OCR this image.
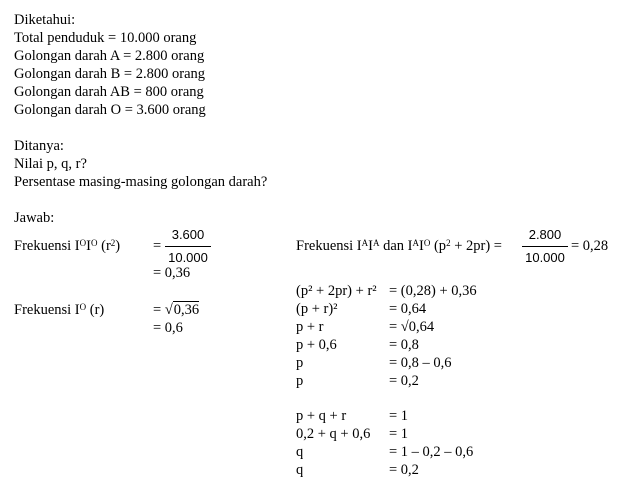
Diketahui:
Total penduduk = 10.000 orang
Golongan darah A = 2.800 orang
Golongan darah B = 2.800 orang
Golongan darah AB = 800 orang
Golongan darah O = 3.600 orang
Ditanya:
Nilai p, q, r?
Persentase masing-masing golongan darah?
Jawab:
Frekuensi $I^OI^O$ $(r^2)$ =
3.600
10.000
= 0,36
Frekuensi $I^O$ (r)	= √0,36
= 0,6
Frekuensi $I^AI^A$ dan $I^AI^O$ $(p^2 + 2pr)$ =
2.800
10.000
= 0,28
(p² + 2pr) + r² = (0,28) + 0,36
(p + r)²	= 0,64
p + r	= √0,64
p + 0,6	= 0,8
p	= 0,8 – 0,6
p	= 0,2
p + q + r	= 1
0,2 + q + 0,6 = 1
q	= 1 – 0,2 – 0,6
q	= 0,2
